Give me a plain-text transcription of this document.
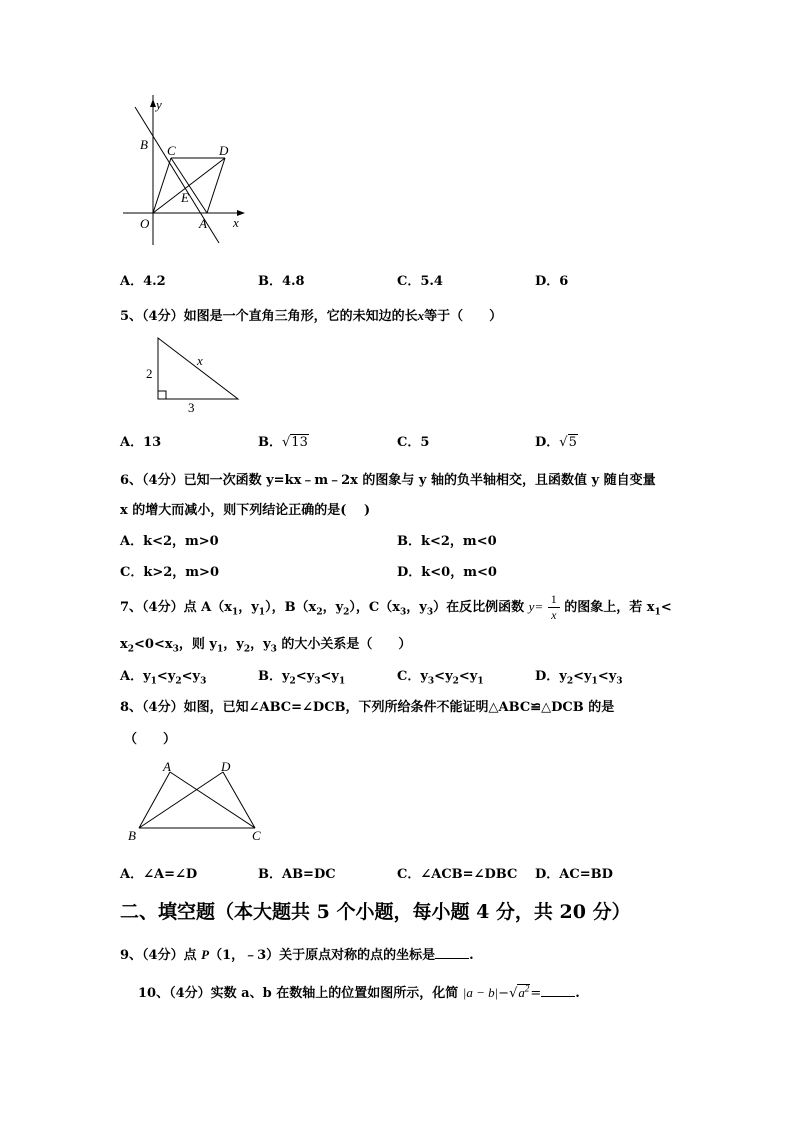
y
B C	D
E
O	A x
A．4.2	B．4.8	C．5.4	D．6
5、（4分）如图是一个直角三角形，它的未知边的长x等于（　　）
x
2
3
A．13	B．√13	C．5	D．√5
6、（4分）已知一次函数 y=kx﹣m﹣2x 的图象与 y 轴的负半轴相交，且函数值 y 随自变量
x 的增大而减小，则下列结论正确的是(　 )
A．k<2，m>0	B．k<2，m<0
C．k>2，m>0	D．k<0，m<0
7、（4分）点 $A(x_1$，$y_1$），$B(x_2$，$y_2$），$C(x_3$，$y_3$）在反比例函数 $y= \frac{1}{x}$ 的图象上，若 $x_1<$
$x_2<0<x_3$，则 $y_1$，$y_2$，$y_3$ 的大小关系是（　　）
A．$y_1<y_2<y_3$	B．$y_2<y_3<y_1$	C．$y_3<y_2<y_1$	D．$y_2<y_1<y_3$
8、（4分）如图，已知∠ABC=∠DCB，下列所给条件不能证明△ABC≌△DCB 的是
（　　）
A	D
B	C
A．∠A=∠D	B．AB=DC	C．∠ACB=∠DBC D．AC=BD
二、填空题（本大题共 5 个小题，每小题 4 分，共 20 分）
9、（4分）点 P（1，﹣3）关于原点对称的点的坐标是	.
10、（4分）实数 a、b 在数轴上的位置如图所示，化简 $|a - b|-√a^2=$	.
